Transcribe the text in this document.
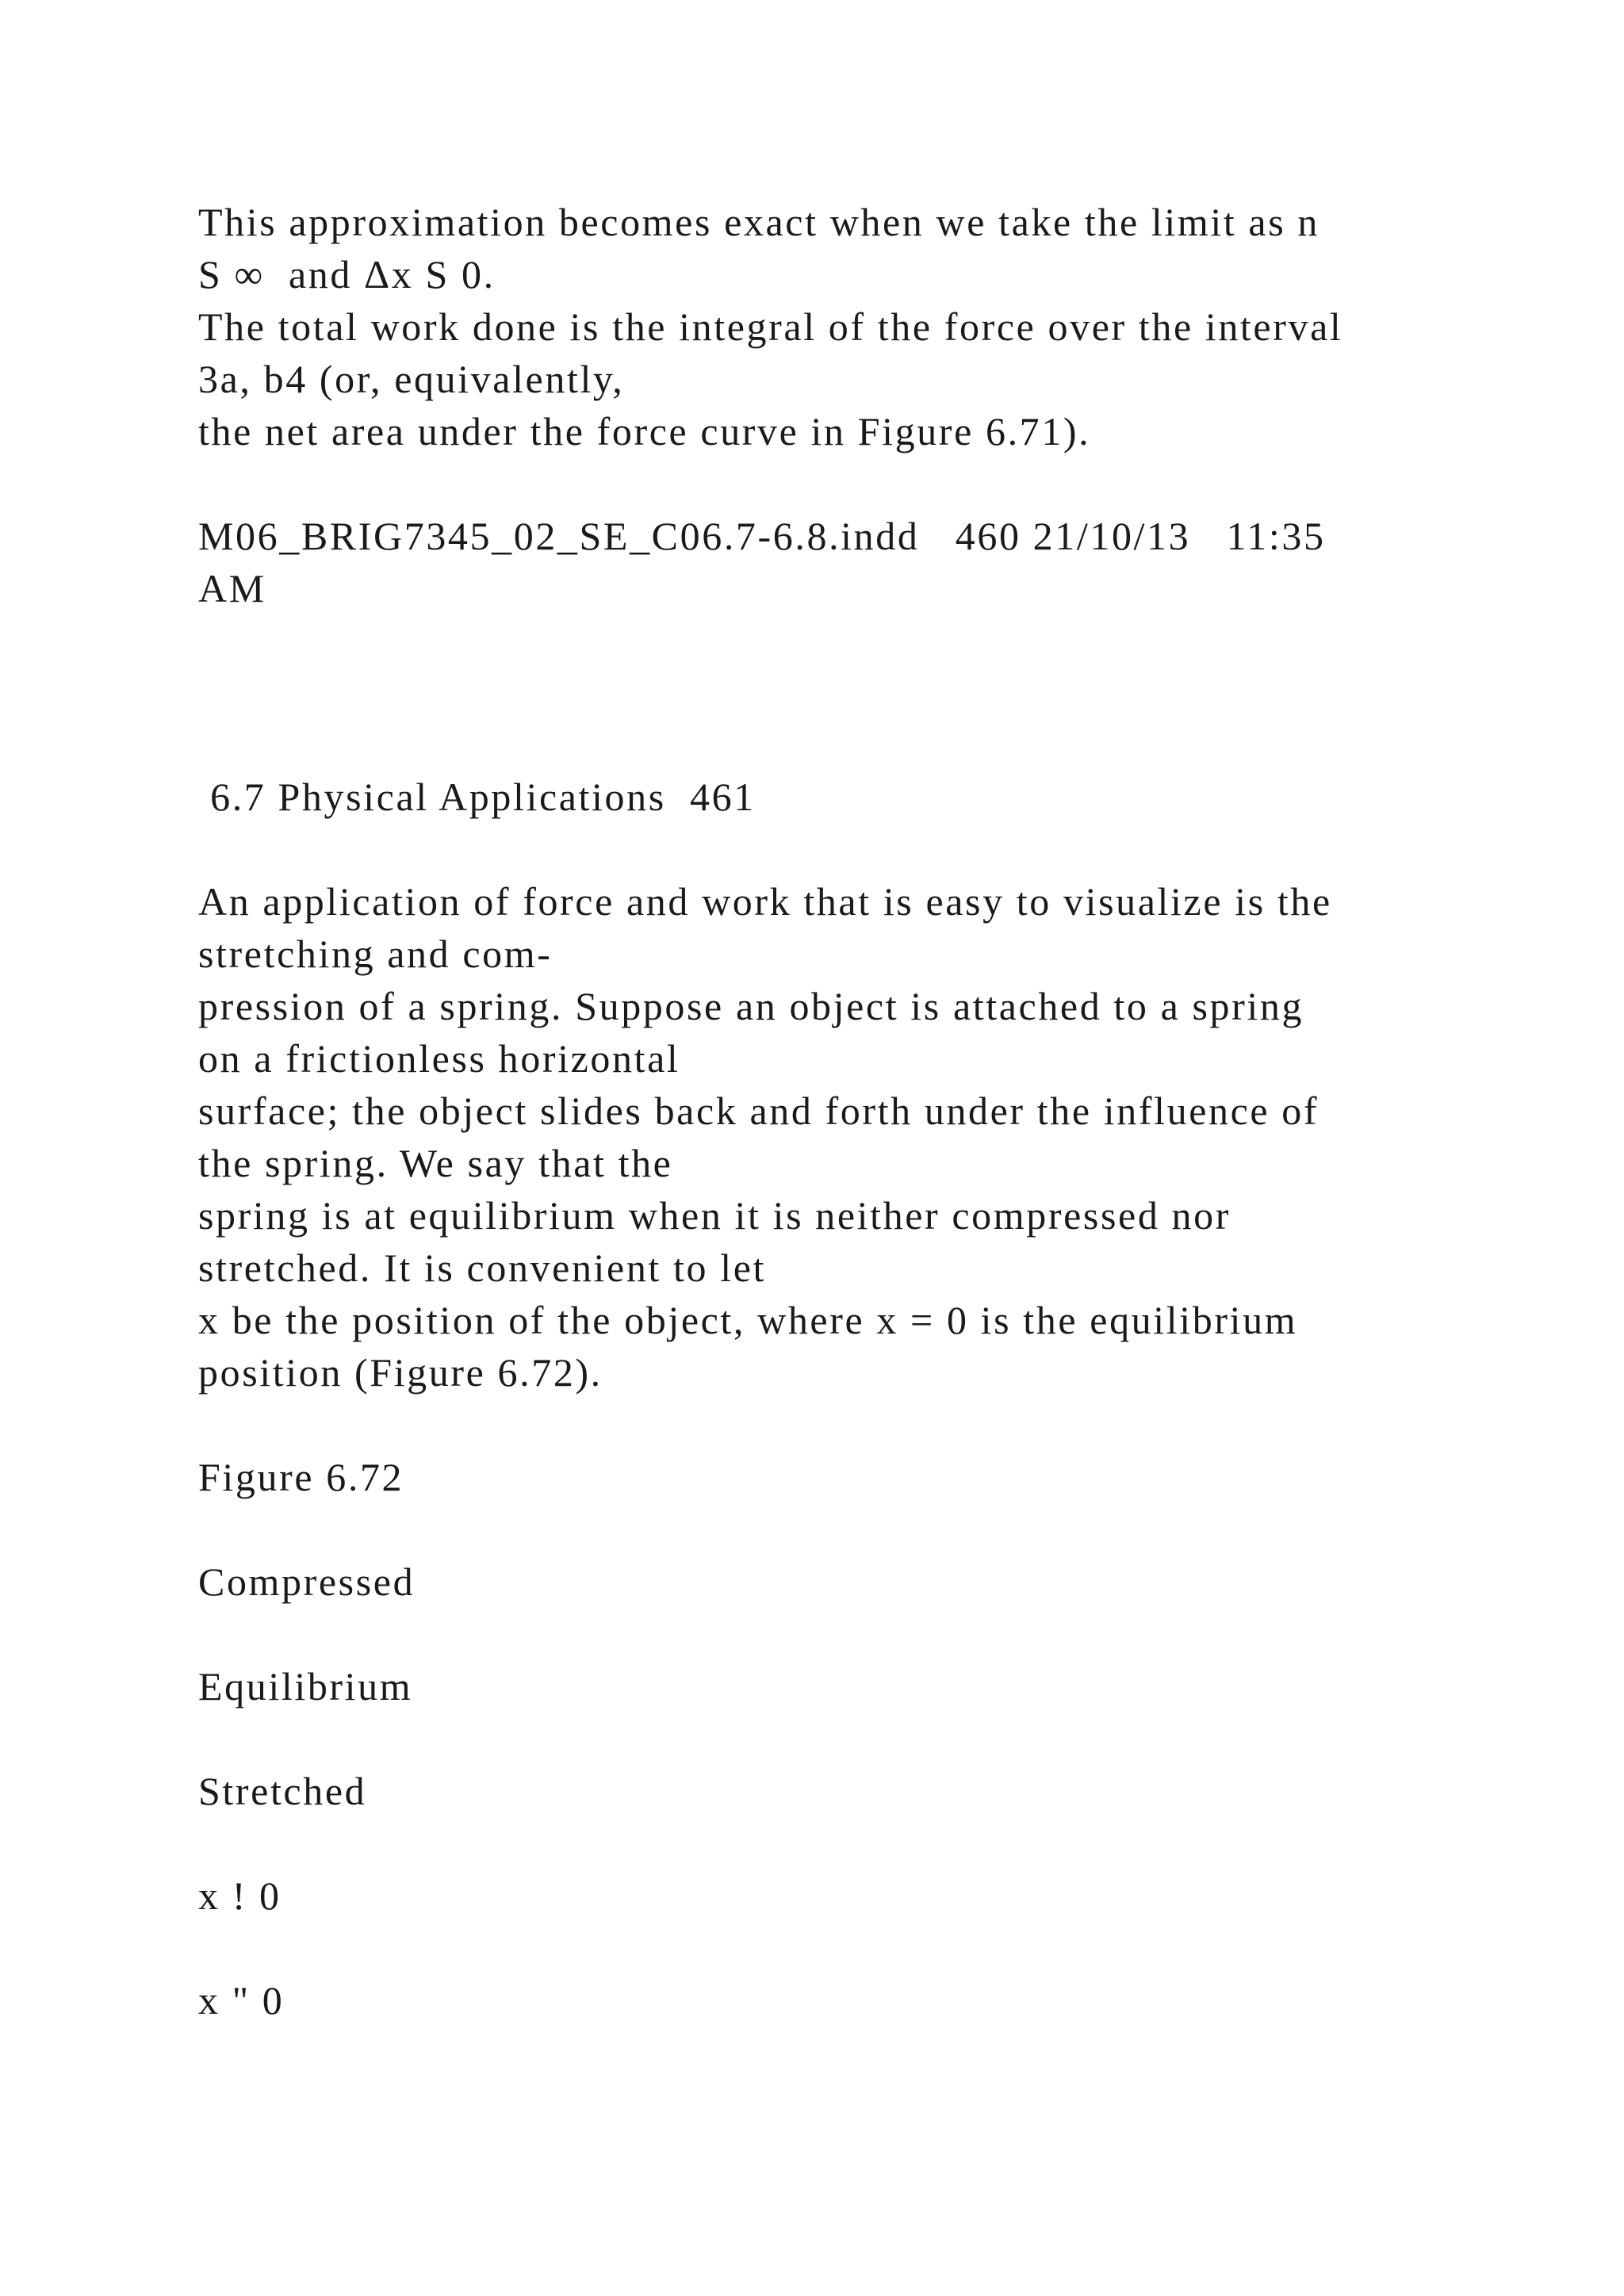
This approximation becomes exact when we take the limit as n

S ∞  and Δx S 0.

The total work done is the integral of the force over the interval

3a, b4 (or, equivalently,

the net area under the force curve in Figure 6.71).

M06_BRIG7345_02_SE_C06.7-6.8.indd   460 21/10/13   11:35

AM

6.7 Physical Applications  461

An application of force and work that is easy to visualize is the

stretching and com-

pression of a spring. Suppose an object is attached to a spring

on a frictionless horizontal

surface; the object slides back and forth under the influence of

the spring. We say that the

spring is at equilibrium when it is neither compressed nor

stretched. It is convenient to let

x be the position of the object, where x = 0 is the equilibrium

position (Figure 6.72).

Figure 6.72

Compressed

Equilibrium

Stretched

x ! 0

x " 0
